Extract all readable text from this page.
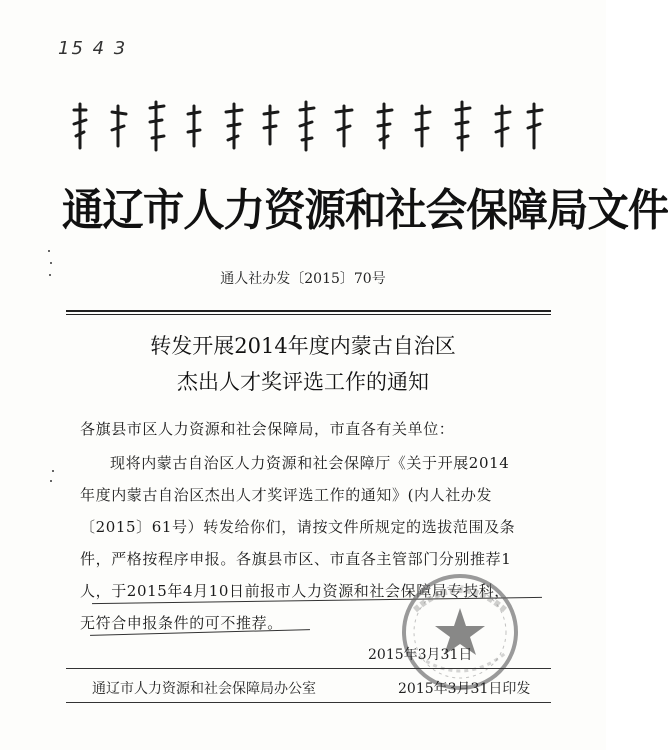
15 4 3
通辽市人力资源和社会保障局文件
通人社办发〔2015〕70号
转发开展2014年度内蒙古自治区
杰出人才奖评选工作的通知
各旗县市区人力资源和社会保障局，市直各有关单位：
现将内蒙古自治区人力资源和社会保障厅《关于开展2014
年度内蒙古自治区杰出人才奖评选工作的通知》(内人社办发
〔2015〕61号）转发给你们，请按文件所规定的选拔范围及条
件，严格按程序申报。各旗县市区、市直各主管部门分别推荐1
人，于2015年4月10日前报市人力资源和社会保障局专技科，
无符合申报条件的可不推荐。
2015年3月31日
通辽市人力资源和社会保障局办公室	2015年3月31日印发
